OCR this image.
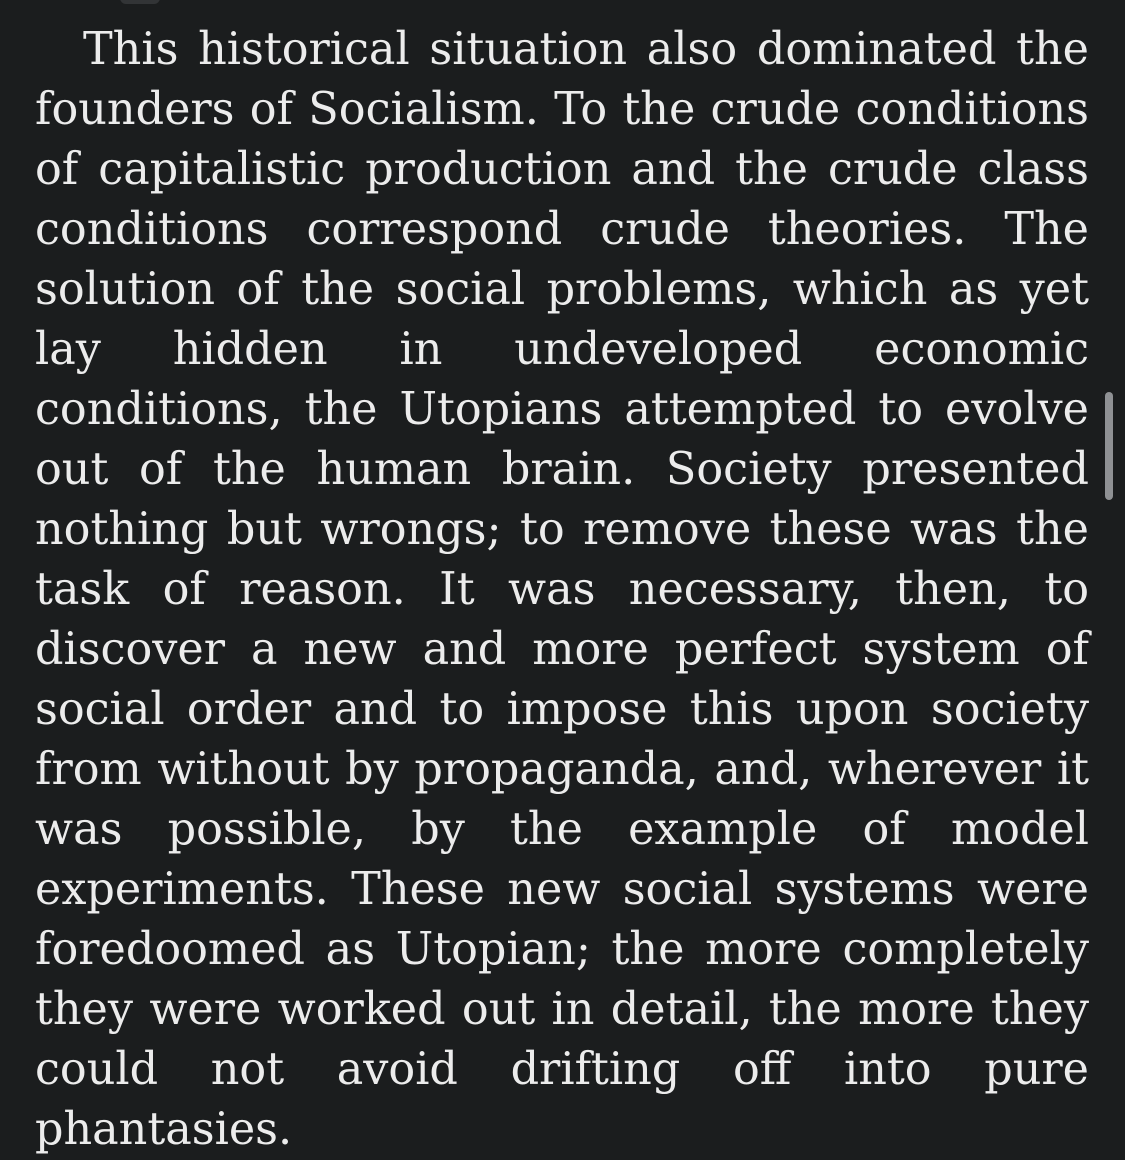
This historical situation also dominated the founders of Socialism. To the crude conditions of capitalistic production and the crude class conditions correspond crude theories. The solution of the social problems, which as yet lay hidden in undeveloped economic conditions, the Utopians attempted to evolve out of the human brain. Society presented nothing but wrongs; to remove these was the task of reason. It was necessary, then, to discover a new and more perfect system of social order and to impose this upon society from without by propaganda, and, wherever it was possible, by the example of model experiments. These new social systems were foredoomed as Utopian; the more completely they were worked out in detail, the more they could not avoid drifting off into pure phantasies.
